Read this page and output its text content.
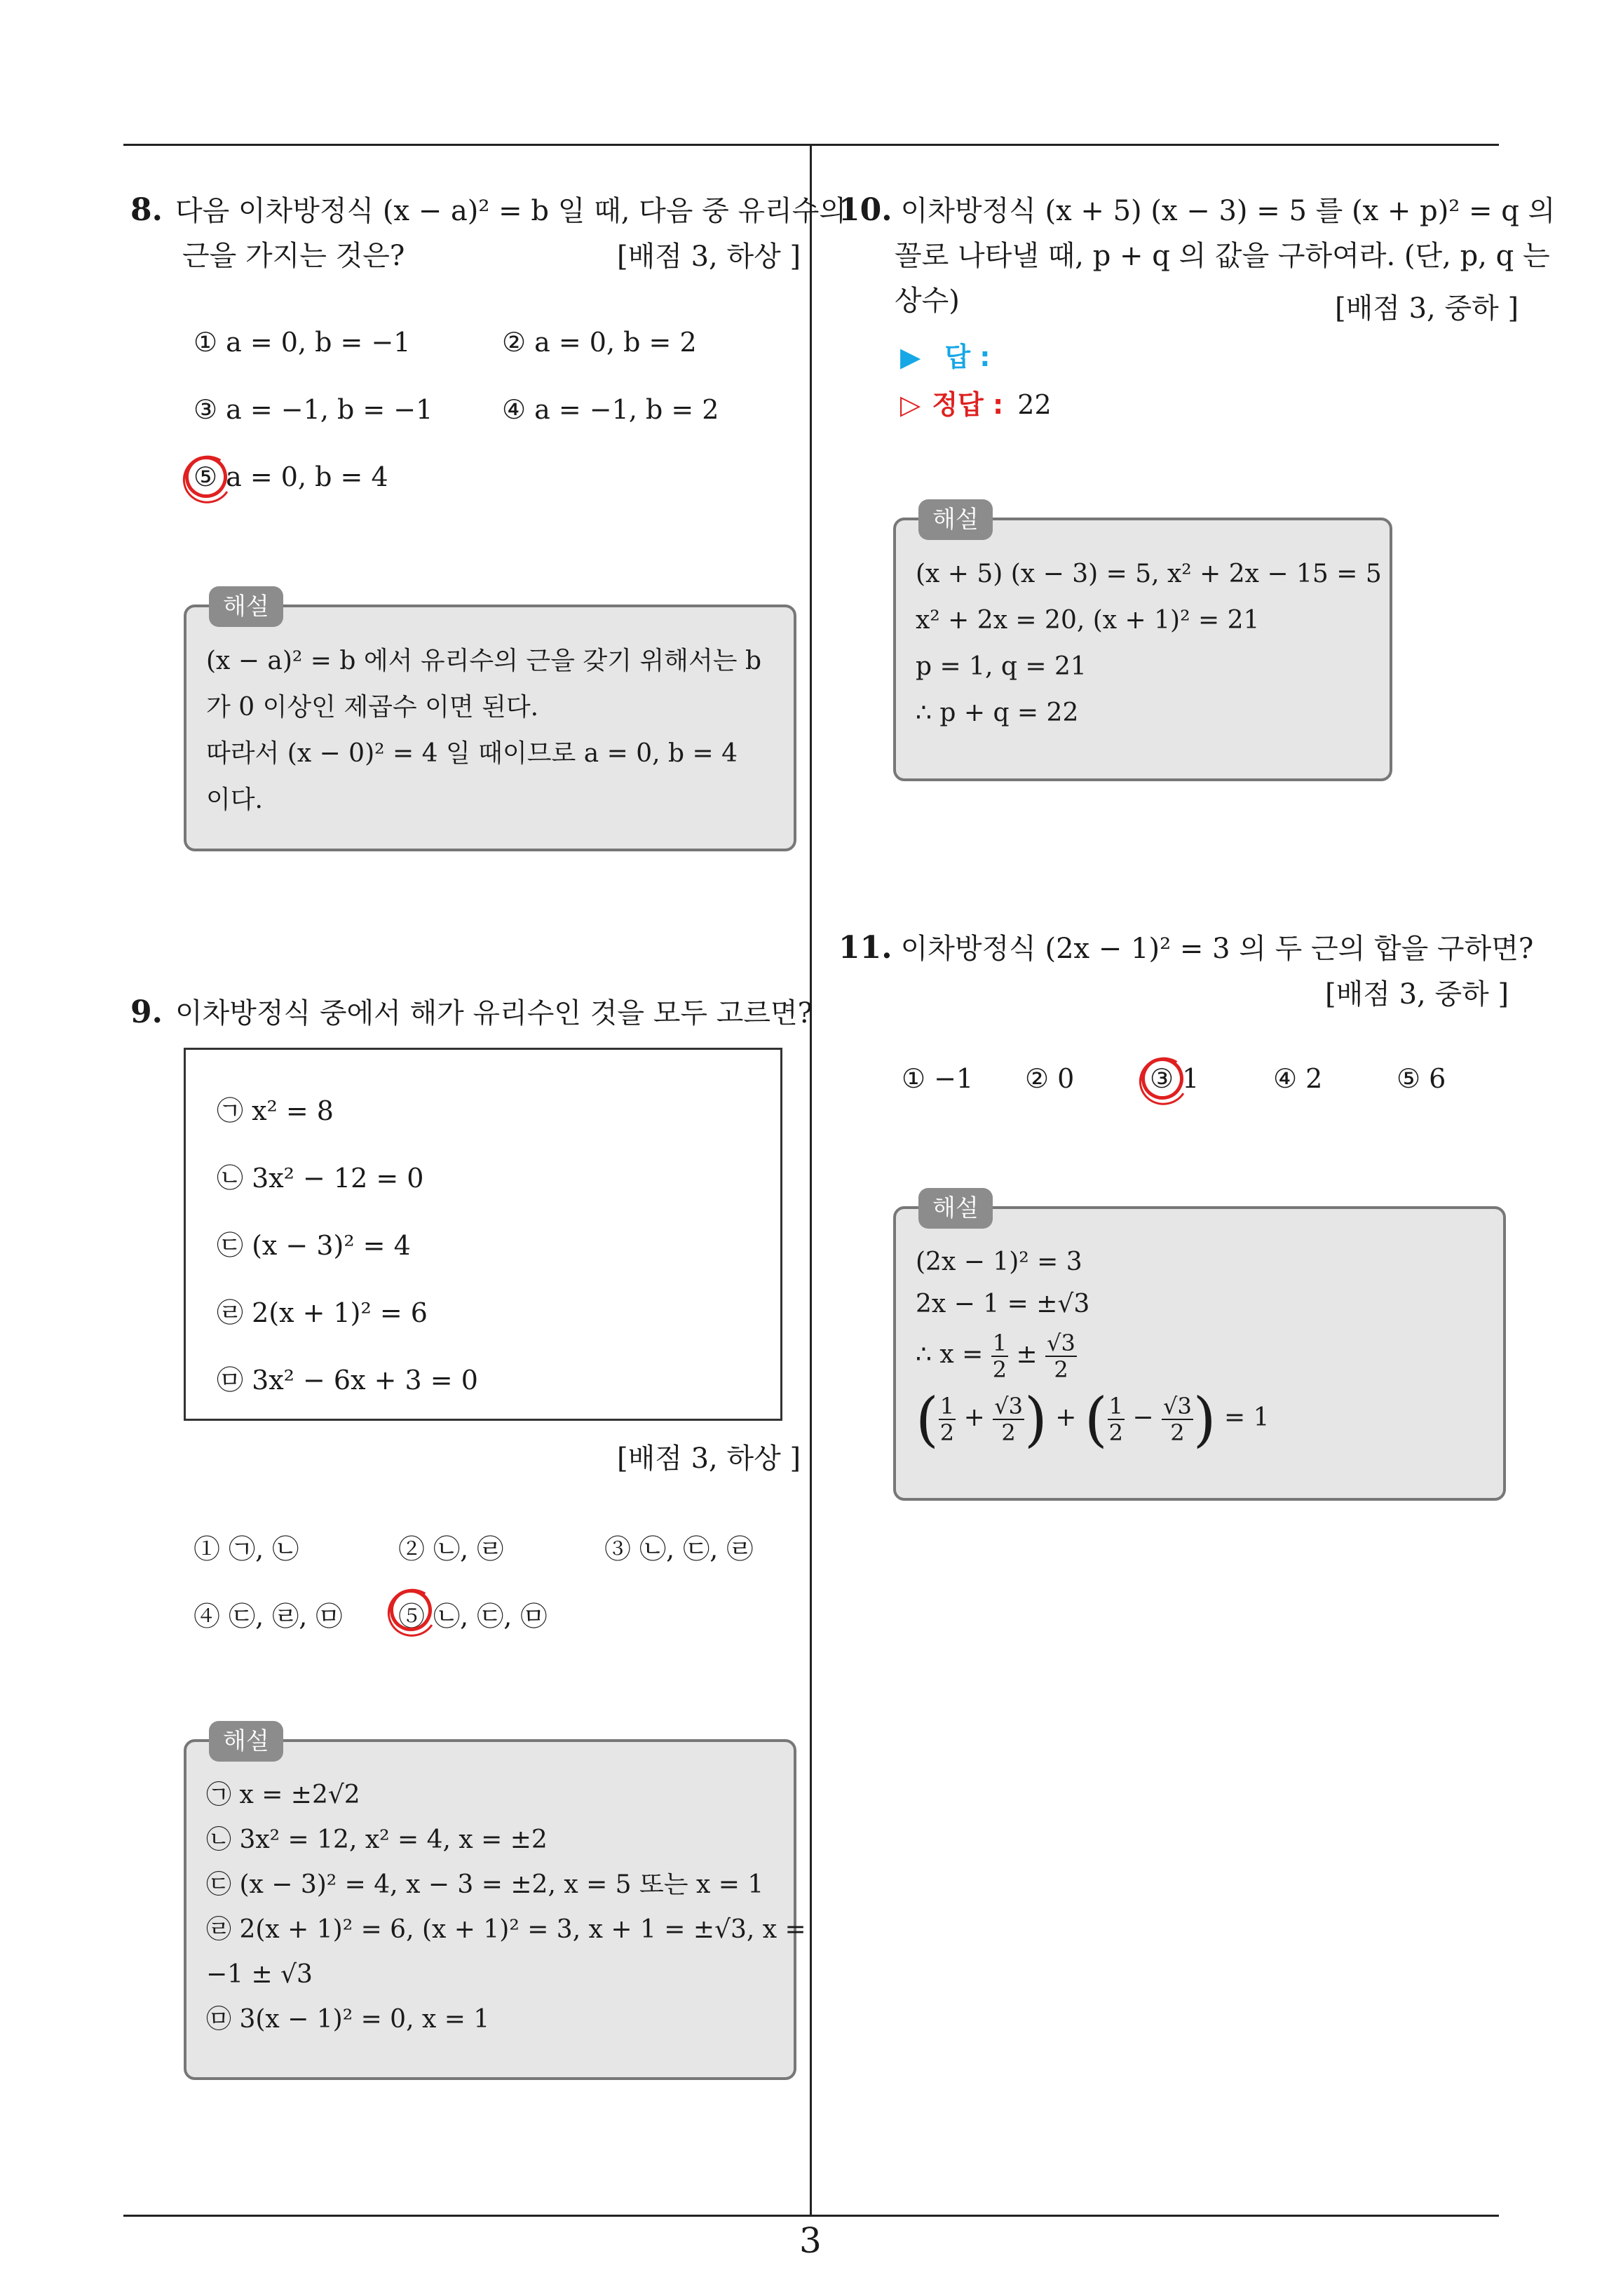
3
8. 다음 이차방정식 (x − a)² = b 일 때, 다음 중 유리수의
근을 가지는 것은?	[배점 3, 하상 ]
① a = 0, b = −1	② a = 0, b = 2
③ a = −1, b = −1	④ a = −1, b = 2
⑤ a = 0, b = 4
(x − a)² = b 에서 유리수의 근을 갖기 위해서는 b
가 0 이상인 제곱수 이면 된다.
따라서 (x − 0)² = 4 일 때이므로 a = 0, b = 4
이다.
해설
9. 이차방정식 중에서 해가 유리수인 것을 모두 고르면?
㉠ x² = 8
㉡ 3x² − 12 = 0
㉢ (x − 3)² = 4
㉣ 2(x + 1)² = 6
㉤ 3x² − 6x + 3 = 0
[배점 3, 하상 ]
① ㉠, ㉡	② ㉡, ㉣	③ ㉡, ㉢, ㉣
④ ㉢, ㉣, ㉤ ⑤ ㉡, ㉢, ㉤
㉠ x = ±2√2
㉡ 3x² = 12, x² = 4, x = ±2
㉢ (x − 3)² = 4, x − 3 = ±2, x = 5 또는 x = 1
㉣ 2(x + 1)² = 6, (x + 1)² = 3, x + 1 = ±√3, x =
−1 ± √3
㉤ 3(x − 1)² = 0, x = 1
해설
10. 이차방정식 (x + 5) (x − 3) = 5 를 (x + p)² = q 의
꼴로 나타낼 때, p + q 의 값을 구하여라. (단, p, q 는
상수)	[배점 3, 중하 ]
▶ 답 :
▷ 정답 : 22
(x + 5) (x − 3) = 5, x² + 2x − 15 = 5
x² + 2x = 20, (x + 1)² = 21
p = 1, q = 21
∴ p + q = 22
해설
11. 이차방정식 (2x − 1)² = 3 의 두 근의 합을 구하면?
[배점 3, 중하 ]
① −1 ② 0	③ 1	④ 2	⑤ 6
(2x − 1)² = 3
2x − 1 = ±√3
∴ $x = \frac{1}{2} \pm \frac{√3}{2}$
( $\frac{1}{2} + \frac{√3}{2}$ ) + ( $\frac{1}{2} - \frac{√3}{2}$ ) = 1
해설
